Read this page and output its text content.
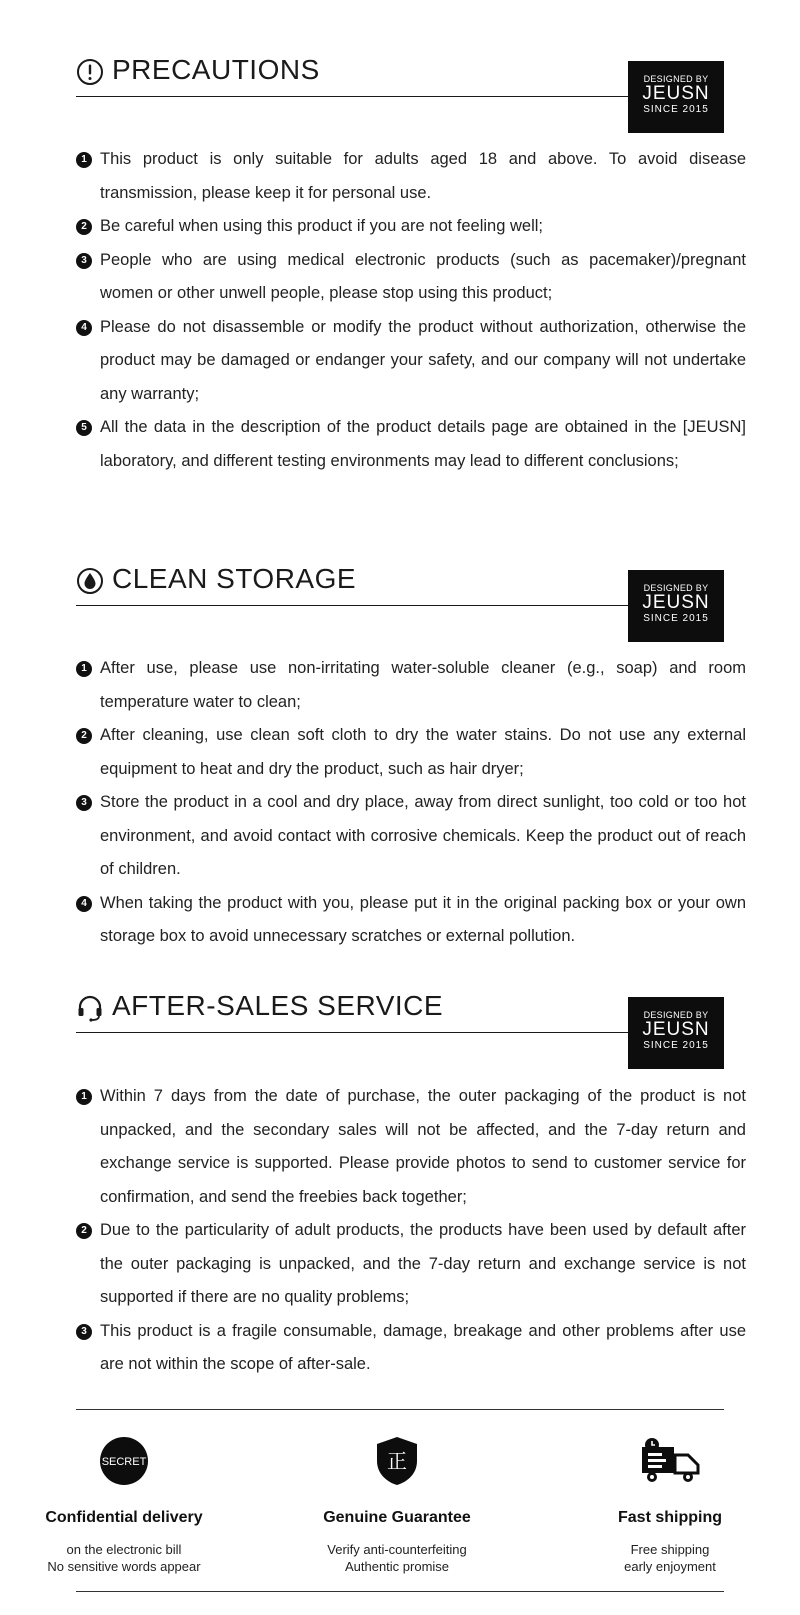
PRECAUTIONS	DESIGNED BY
JEUSN
SINCE 2015
1 This product is only suitable for adults aged 18 and above. To avoid disease transmission, please keep it for personal use.
2 Be careful when using this product if you are not feeling well;
3 People who are using medical electronic products (such as pacemaker)/pregnant women or other unwell people, please stop using this product;
4 Please do not disassemble or modify the product without authorization, otherwise the product may be damaged or endanger your safety, and our company will not undertake any warranty;
5 All the data in the description of the product details page are obtained in the [JEUSN] laboratory, and different testing environments may lead to different conclusions;
CLEAN STORAGE	DESIGNED BY
JEUSN
SINCE 2015
1 After use, please use non-irritating water-soluble cleaner (e.g., soap) and room temperature water to clean;
2 After cleaning, use clean soft cloth to dry the water stains. Do not use any external equipment to heat and dry the product, such as hair dryer;
3 Store the product in a cool and dry place, away from direct sunlight, too cold or too hot environment, and avoid contact with corrosive chemicals. Keep the product out of reach of children.
4 When taking the product with you, please put it in the original packing box or your own storage box to avoid unnecessary scratches or external pollution.
AFTER-SALES SERVICE	DESIGNED BY
JEUSN
SINCE 2015
1 Within 7 days from the date of purchase, the outer packaging of the product is not unpacked, and the secondary sales will not be affected, and the 7-day return and exchange service is supported. Please provide photos to send to customer service for confirmation, and send the freebies back together;
2 Due to the particularity of adult products, the products have been used by default after the outer packaging is unpacked, and the 7-day return and exchange service is not supported if there are no quality problems;
3 This product is a fragile consumable, damage, breakage and other problems after use are not within the scope of after-sale.
SECRET
Confidential delivery
on the electronic bill
No sensitive words appear
正
Genuine Guarantee
Verify anti-counterfeiting
Authentic promise
Fast shipping
Free shipping
early enjoyment
